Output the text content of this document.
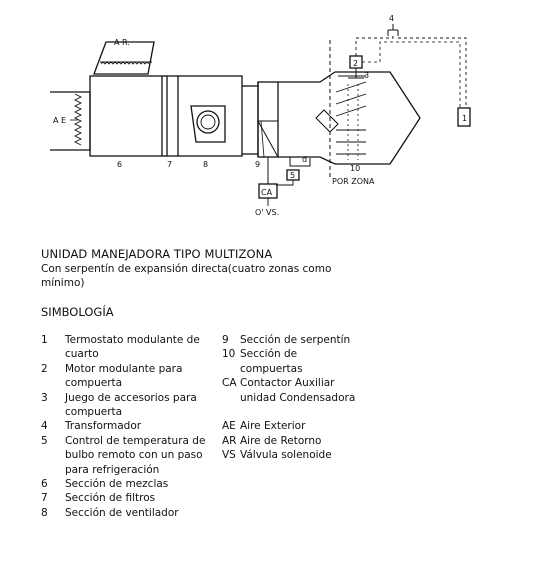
A R.
A E
6	7	8	9	10
1
2
3
4
5
CA
d
O' VS.
POR ZONA
UNIDAD MANEJADORA TIPO MULTIZONA
Con serpentín de expansión directa(cuatro zonas como mínimo)
SIMBOLOGÍA
1	Termostato modulante de cuarto
2	Motor modulante para compuerta
3	Juego de accesorios para compuerta
4	Transformador
5	Control de temperatura de bulbo remoto con un paso para refrigeración
6	Sección de mezclas
7	Sección de filtros
8	Sección de ventilador
9	Sección de serpentín
10 Sección de compuertas
CA Contactor Auxiliar unidad Condensadora
AE Aire Exterior
AR Aire de Retorno
VS Válvula solenoide
